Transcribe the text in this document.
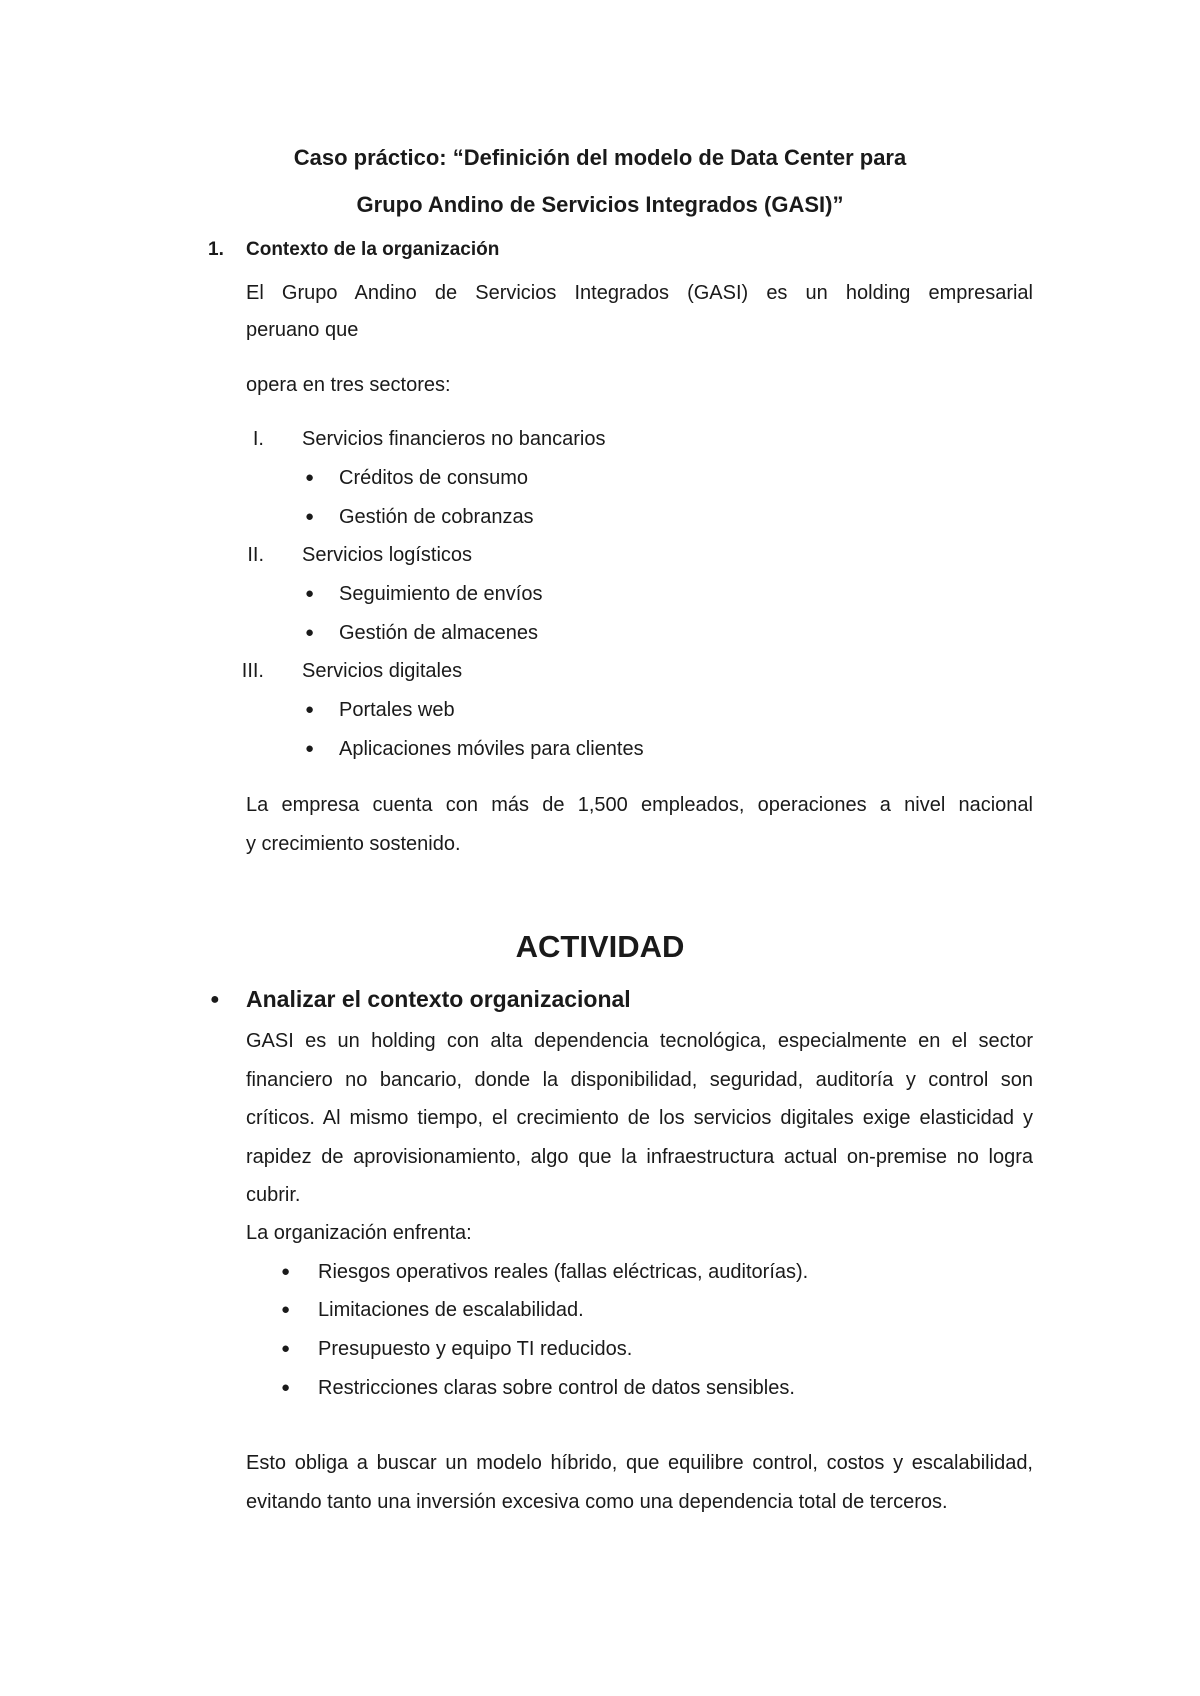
Caso práctico: “Definición del modelo de Data Center para
Grupo Andino de Servicios Integrados (GASI)”
1. Contexto de la organización
El Grupo Andino de Servicios Integrados (GASI) es un holding empresarial
peruano que
opera en tres sectores:
I. Servicios financieros no bancarios
● Créditos de consumo
● Gestión de cobranzas
II. Servicios logísticos
● Seguimiento de envíos
● Gestión de almacenes
III. Servicios digitales
● Portales web
● Aplicaciones móviles para clientes
La empresa cuenta con más de 1,500 empleados, operaciones a nivel nacional
y crecimiento sostenido.
ACTIVIDAD
● Analizar el contexto organizacional
GASI es un holding con alta dependencia tecnológica, especialmente en el sector financiero no bancario, donde la disponibilidad, seguridad, auditoría y control son críticos. Al mismo tiempo, el crecimiento de los servicios digitales exige elasticidad y rapidez de aprovisionamiento, algo que la infraestructura actual on-premise no logra cubrir.
La organización enfrenta:
● Riesgos operativos reales (fallas eléctricas, auditorías).
● Limitaciones de escalabilidad.
● Presupuesto y equipo TI reducidos.
● Restricciones claras sobre control de datos sensibles.
Esto obliga a buscar un modelo híbrido, que equilibre control, costos y escalabilidad, evitando tanto una inversión excesiva como una dependencia total de terceros.
